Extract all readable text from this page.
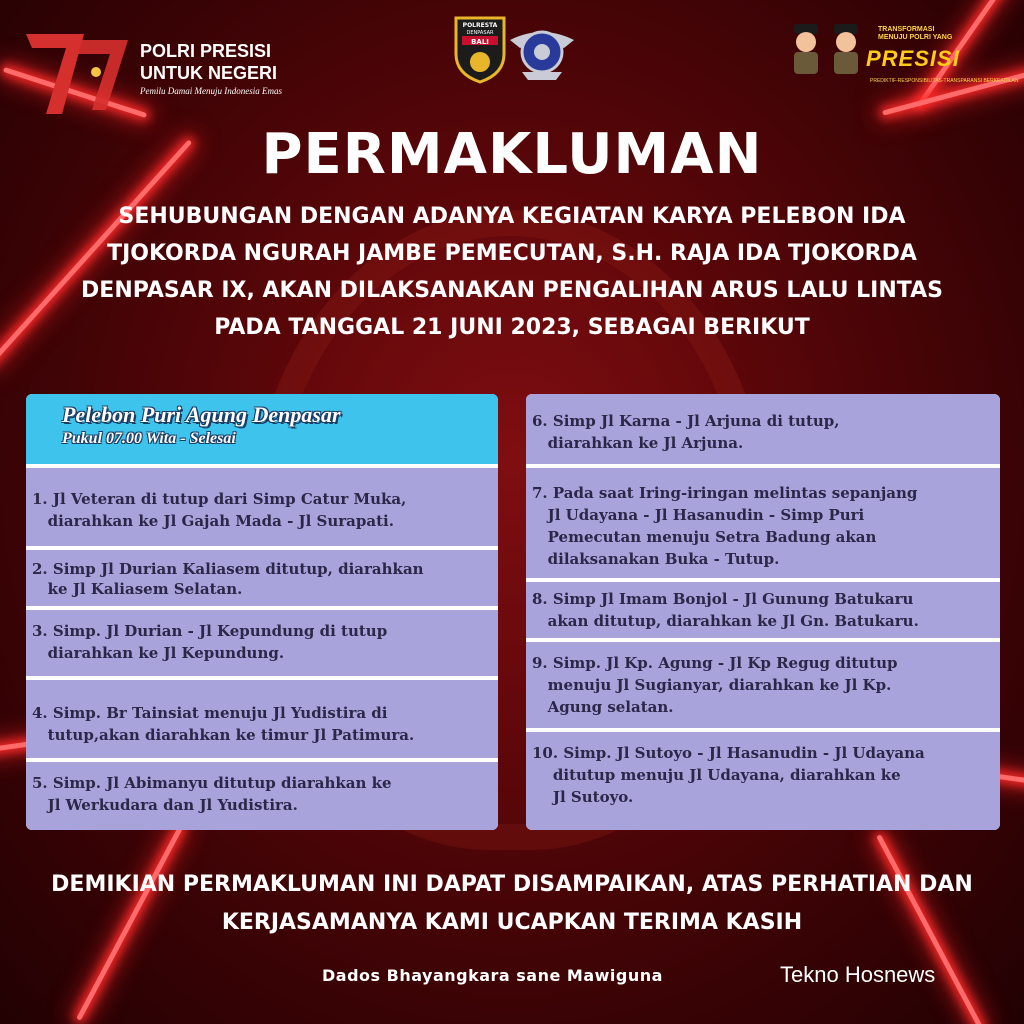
POLRI PRESISI
UNTUK NEGERI
Pemilu Damai Menuju Indonesia Emas
POLRESTA
DENPASAR
BALI
TRANSFORMASI
MENUJU POLRI YANG
PRESISI
PREDIKTIF-RESPONSIBILITAS-TRANSPARANSI BERKEADILAN
PERMAKLUMAN
SEHUBUNGAN DENGAN ADANYA KEGIATAN KARYA PELEBON IDA TJOKORDA NGURAH JAMBE PEMECUTAN, S.H. RAJA IDA TJOKORDA DENPASAR IX, AKAN DILAKSANAKAN PENGALIHAN ARUS LALU LINTAS PADA TANGGAL 21 JUNI 2023, SEBAGAI BERIKUT
Pelebon Puri Agung Denpasar
Pukul 07.00 Wita - Selesai
1. Jl Veteran di tutup dari Simp Catur Muka,
diarahkan ke Jl Gajah Mada - Jl Surapati.
2. Simp Jl Durian Kaliasem ditutup, diarahkan
ke Jl Kaliasem Selatan.
3. Simp. Jl Durian - Jl Kepundung di tutup
diarahkan ke Jl Kepundung.
4. Simp. Br Tainsiat menuju Jl Yudistira di
tutup,akan diarahkan ke timur Jl Patimura.
5. Simp. Jl Abimanyu ditutup diarahkan ke
Jl Werkudara dan Jl Yudistira.
6. Simp Jl Karna - Jl Arjuna di tutup,
diarahkan ke Jl Arjuna.
7. Pada saat Iring-iringan melintas sepanjang
Jl Udayana - Jl Hasanudin - Simp Puri
Pemecutan menuju Setra Badung akan
dilaksanakan Buka - Tutup.
8. Simp Jl Imam Bonjol - Jl Gunung Batukaru
akan ditutup, diarahkan ke Jl Gn. Batukaru.
9. Simp. Jl Kp. Agung - Jl Kp Regug ditutup
menuju Jl Sugianyar, diarahkan ke Jl Kp.
Agung selatan.
10. Simp. Jl Sutoyo - Jl Hasanudin - Jl Udayana
ditutup menuju Jl Udayana, diarahkan ke
Jl Sutoyo.
DEMIKIAN PERMAKLUMAN INI DAPAT DISAMPAIKAN, ATAS PERHATIAN DAN KERJASAMANYA KAMI UCAPKAN TERIMA KASIH
Dados Bhayangkara sane Mawiguna	Tekno Hosnews
